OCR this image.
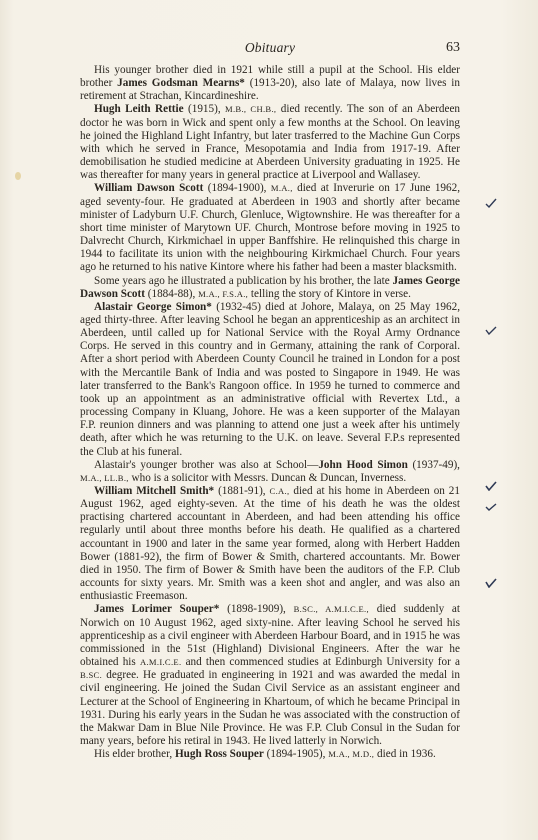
Obituary	63

His younger brother died in 1921 while still a pupil at the School. His elder brother James Godsman Mearns* (1913-20), also late of Malaya, now lives in retirement at Strachan, Kincardineshire.

Hugh Leith Rettie (1915), M.B., CH.B., died recently. The son of an Aberdeen doctor he was born in Wick and spent only a few months at the School. On leaving he joined the Highland Light Infantry, but later trasferred to the Machine Gun Corps with which he served in France, Mesopotamia and India from 1917-19. After demobilisation he studied medicine at Aberdeen University graduating in 1925. He was thereafter for many years in general practice at Liverpool and Wallasey.

William Dawson Scott (1894-1900), M.A., died at Inverurie on 17 June 1962, aged seventy-four. He graduated at Aberdeen in 1903 and shortly after became minister of Ladyburn U.F. Church, Glenluce, Wigtownshire. He was thereafter for a short time minister of Marytown UF. Church, Montrose before moving in 1925 to Dalvrecht Church, Kirkmichael in upper Banffshire. He relinquished this charge in 1944 to facilitate its union with the neighbouring Kirkmichael Church. Four years ago he returned to his native Kintore where his father had been a master blacksmith.

Some years ago he illustrated a publication by his brother, the late James George Dawson Scott (1884-88), M.A., F.S.A., telling the story of Kintore in verse.

Alastair George Simon* (1932-45) died at Johore, Malaya, on 25 May 1962, aged thirty-three. After leaving School he began an apprenticeship as an architect in Aberdeen, until called up for National Service with the Royal Army Ordnance Corps. He served in this country and in Germany, attaining the rank of Corporal. After a short period with Aberdeen County Council he trained in London for a post with the Mercantile Bank of India and was posted to Singapore in 1949. He was later transferred to the Bank's Rangoon office. In 1959 he turned to commerce and took up an appointment as an administrative official with Revertex Ltd., a processing Company in Kluang, Johore. He was a keen supporter of the Malayan F.P. reunion dinners and was planning to attend one just a week after his untimely death, after which he was returning to the U.K. on leave. Several F.P.s represented the Club at his funeral.

Alastair's younger brother was also at School—John Hood Simon (1937-49), M.A., LL.B., who is a solicitor with Messrs. Duncan & Duncan, Inverness.

William Mitchell Smith* (1881-91), C.A., died at his home in Aberdeen on 21 August 1962, aged eighty-seven. At the time of his death he was the oldest practising chartered accountant in Aberdeen, and had been attending his office regularly until about three months before his death. He qualified as a chartered accountant in 1900 and later in the same year formed, along with Herbert Hadden Bower (1881-92), the firm of Bower & Smith, chartered accountants. Mr. Bower died in 1950. The firm of Bower & Smith have been the auditors of the F.P. Club accounts for sixty years. Mr. Smith was a keen shot and angler, and was also an enthusiastic Freemason.

James Lorimer Souper* (1898-1909), B.SC., A.M.I.C.E., died suddenly at Norwich on 10 August 1962, aged sixty-nine. After leaving School he served his apprenticeship as a civil engineer with Aberdeen Harbour Board, and in 1915 he was commissioned in the 51st (Highland) Divisional Engineers. After the war he obtained his A.M.I.C.E. and then commenced studies at Edinburgh University for a B.SC. degree. He graduated in engineering in 1921 and was awarded the medal in civil engineering. He joined the Sudan Civil Service as an assistant engineer and Lecturer at the School of Engineering in Khartoum, of which he became Principal in 1931. During his early years in the Sudan he was associated with the construction of the Makwar Dam in Blue Nile Province. He was F.P. Club Consul in the Sudan for many years, before his retiral in 1943. He lived latterly in Norwich.

His elder brother, Hugh Ross Souper (1894-1905), M.A., M.D., died in 1936.
